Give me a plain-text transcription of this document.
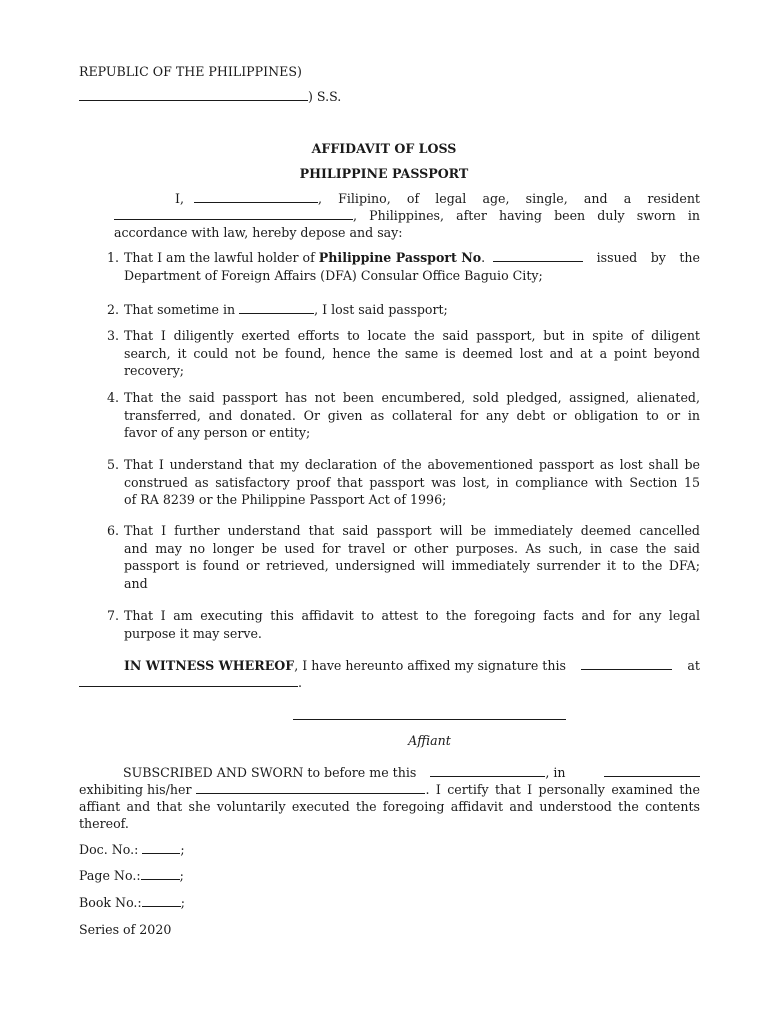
REPUBLIC OF THE PHILIPPINES)
) S.S.
AFFIDAVIT OF LOSS
PHILIPPINE PASSPORT
I,	, Filipino, of legal age, single, and a resident
, Philippines, after having been duly sworn in
accordance with law, hereby depose and say:
1. That I am the lawful holder of Philippine Passport No .	issued by the
Department of Foreign Affairs (DFA) Consular Office Baguio City;
2. That sometime in	, I lost said passport;
3. That I diligently exerted efforts to locate the said passport, but in spite of diligent
search, it could not be found, hence the same is deemed lost and at a point beyond
recovery;
4. That the said passport has not been encumbered, sold pledged, assigned, alienated,
transferred, and donated. Or given as collateral for any debt or obligation to or in
favor of any person or entity;
5. That I understand that my declaration of the abovementioned passport as lost shall be
construed as satisfactory proof that passport was lost, in compliance with Section 15
of RA 8239 or the Philippine Passport Act of 1996;
6. That I further understand that said passport will be immediately deemed cancelled
and may no longer be used for travel or other purposes. As such, in case the said
passport is found or retrieved, undersigned will immediately surrender it to the DFA;
and
7. That I am executing this affidavit to attest to the foregoing facts and for any legal
purpose it may serve.
IN WITNESS WHEREOF , I have hereunto affixed my signature this	at
.
Affiant
SUBSCRIBED AND SWORN to before me this	, in
exhibiting his/her	. I certify that I personally examined the
affiant and that she voluntarily executed the foregoing affidavit and understood the contents
thereof.
Doc. No.:	;
Page No.:	;
Book No.:	;
Series of 2020
